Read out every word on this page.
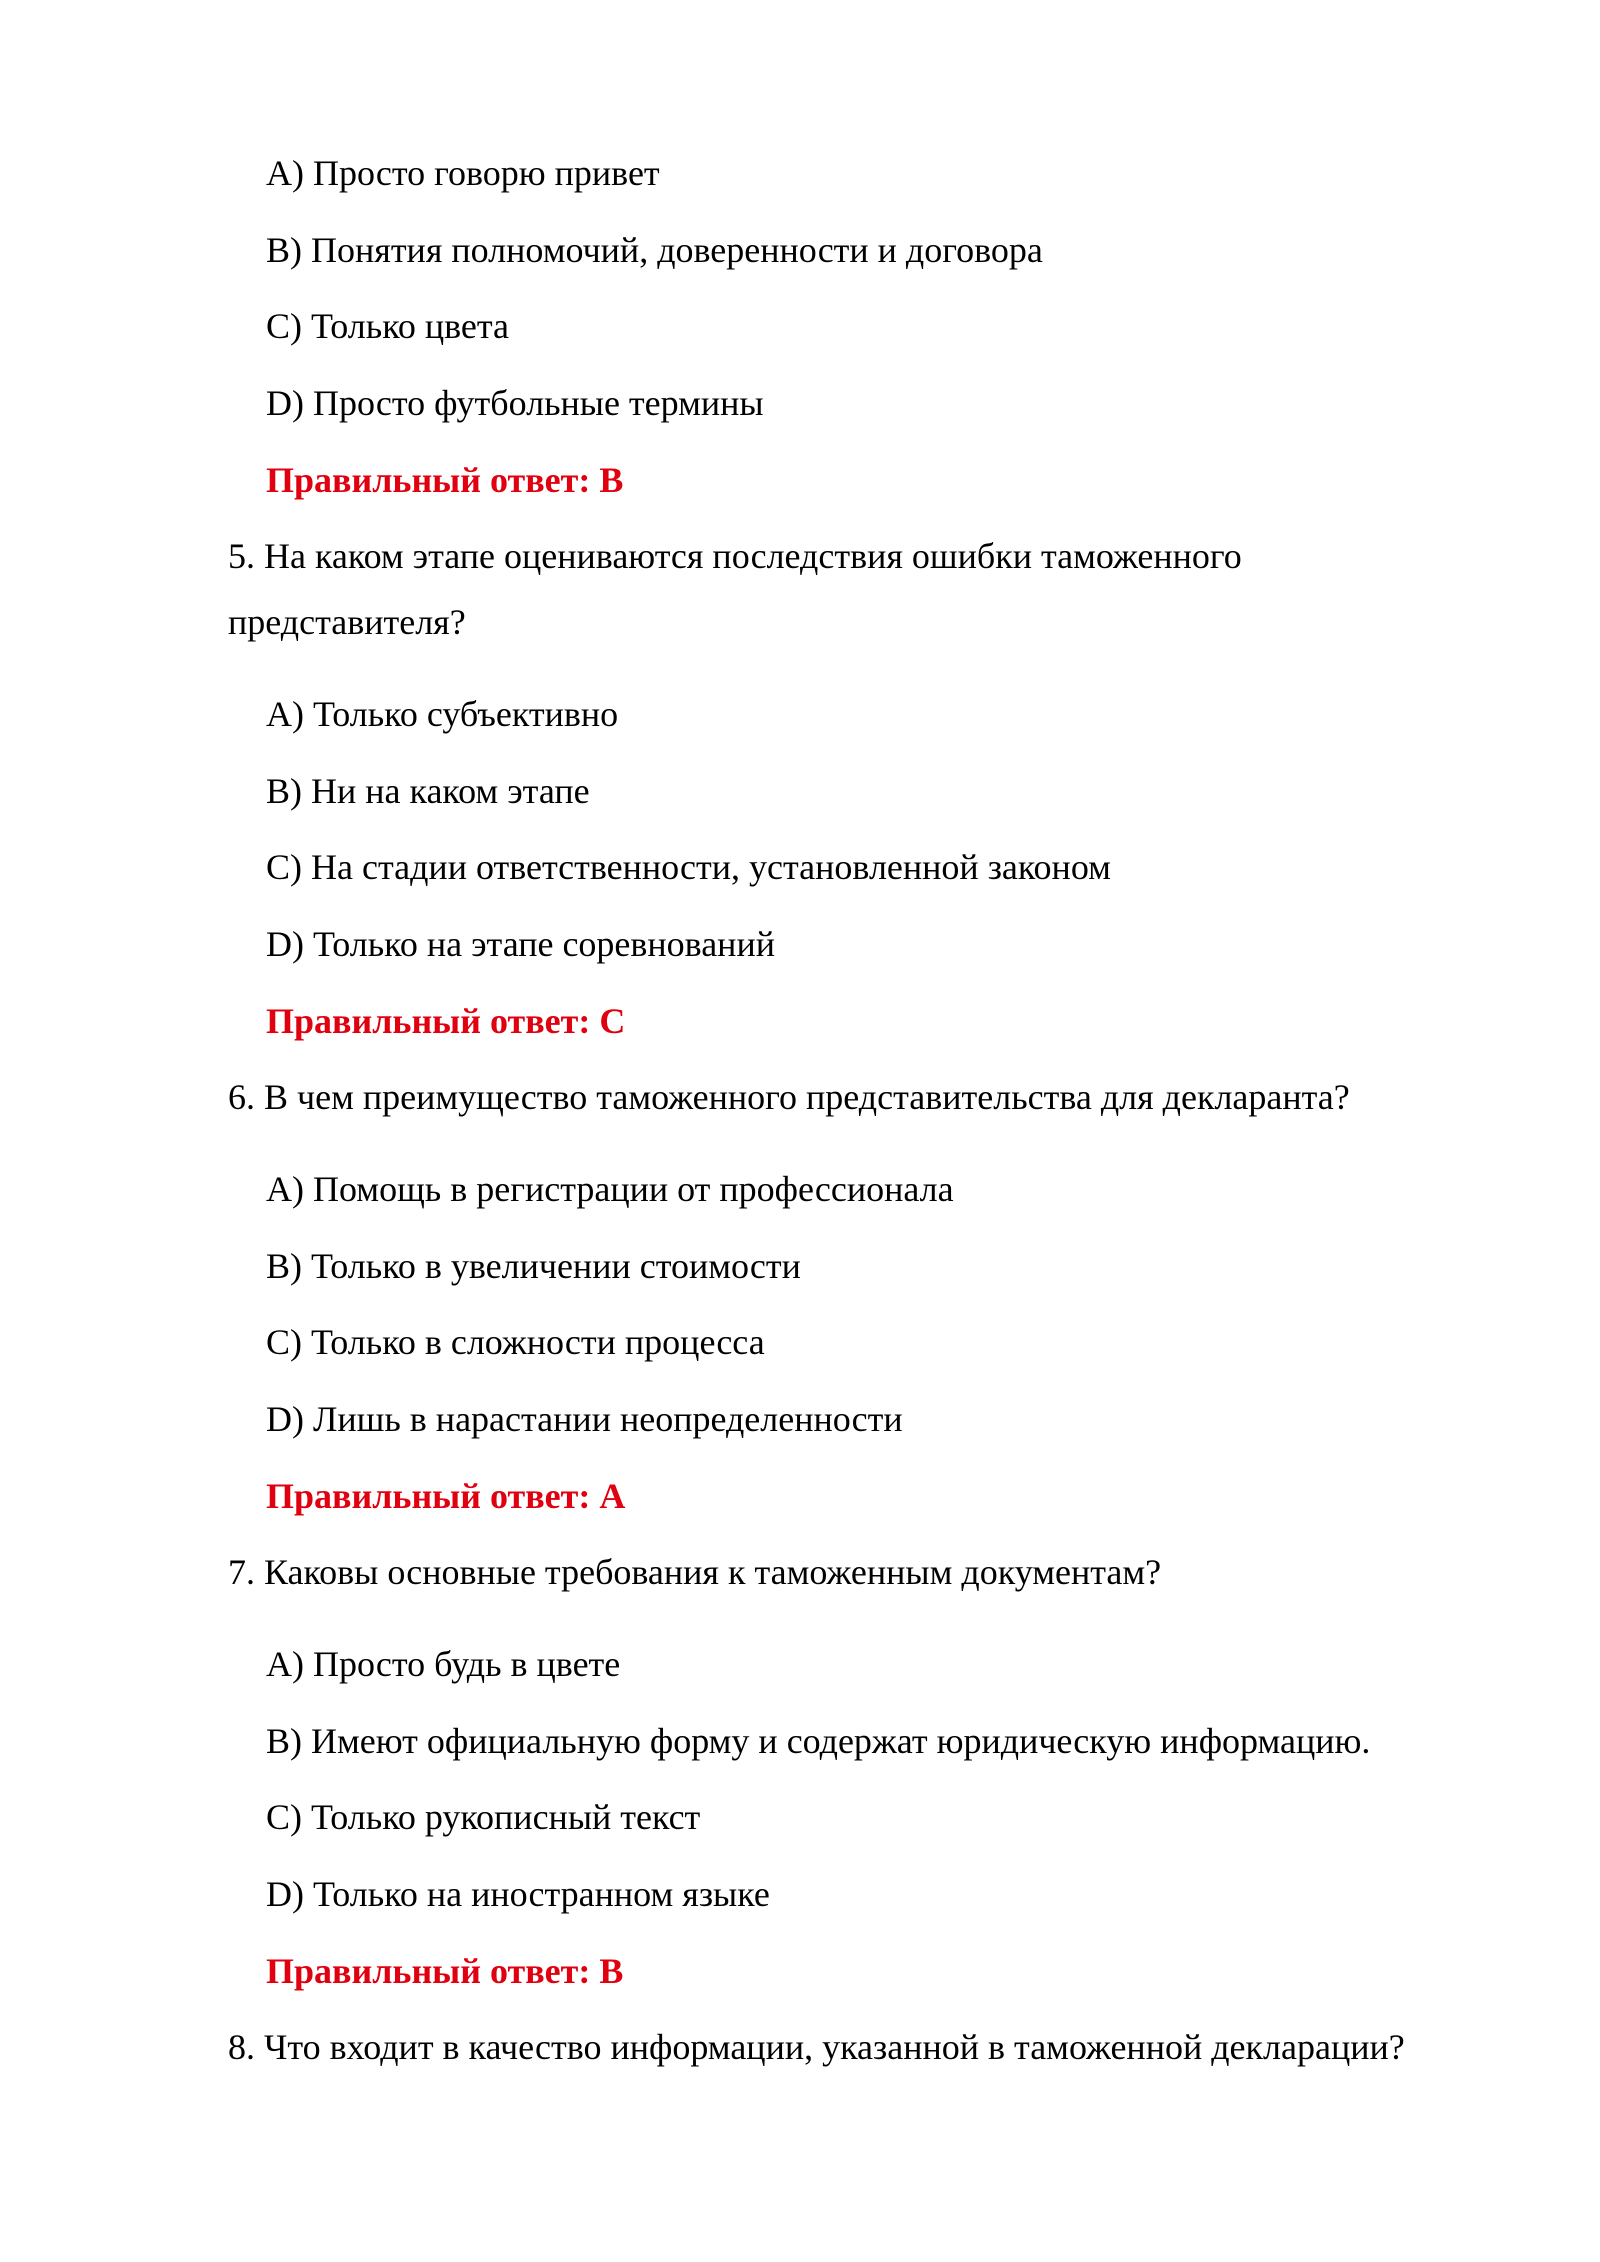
A) Просто говорю привет
B) Понятия полномочий, доверенности и договора
C) Только цвета
D) Просто футбольные термины
Правильный ответ: B
5. На каком этапе оцениваются последствия ошибки таможенного
представителя?
A) Только субъективно
B) Ни на каком этапе
C) На стадии ответственности, установленной законом
D) Только на этапе соревнований
Правильный ответ: C
6. В чем преимущество таможенного представительства для декларанта?
A) Помощь в регистрации от профессионала
B) Только в увеличении стоимости
C) Только в сложности процесса
D) Лишь в нарастании неопределенности
Правильный ответ: A
7. Каковы основные требования к таможенным документам?
A) Просто будь в цвете
B) Имеют официальную форму и содержат юридическую информацию.
C) Только рукописный текст
D) Только на иностранном языке
Правильный ответ: B
8. Что входит в качество информации, указанной в таможенной декларации?
